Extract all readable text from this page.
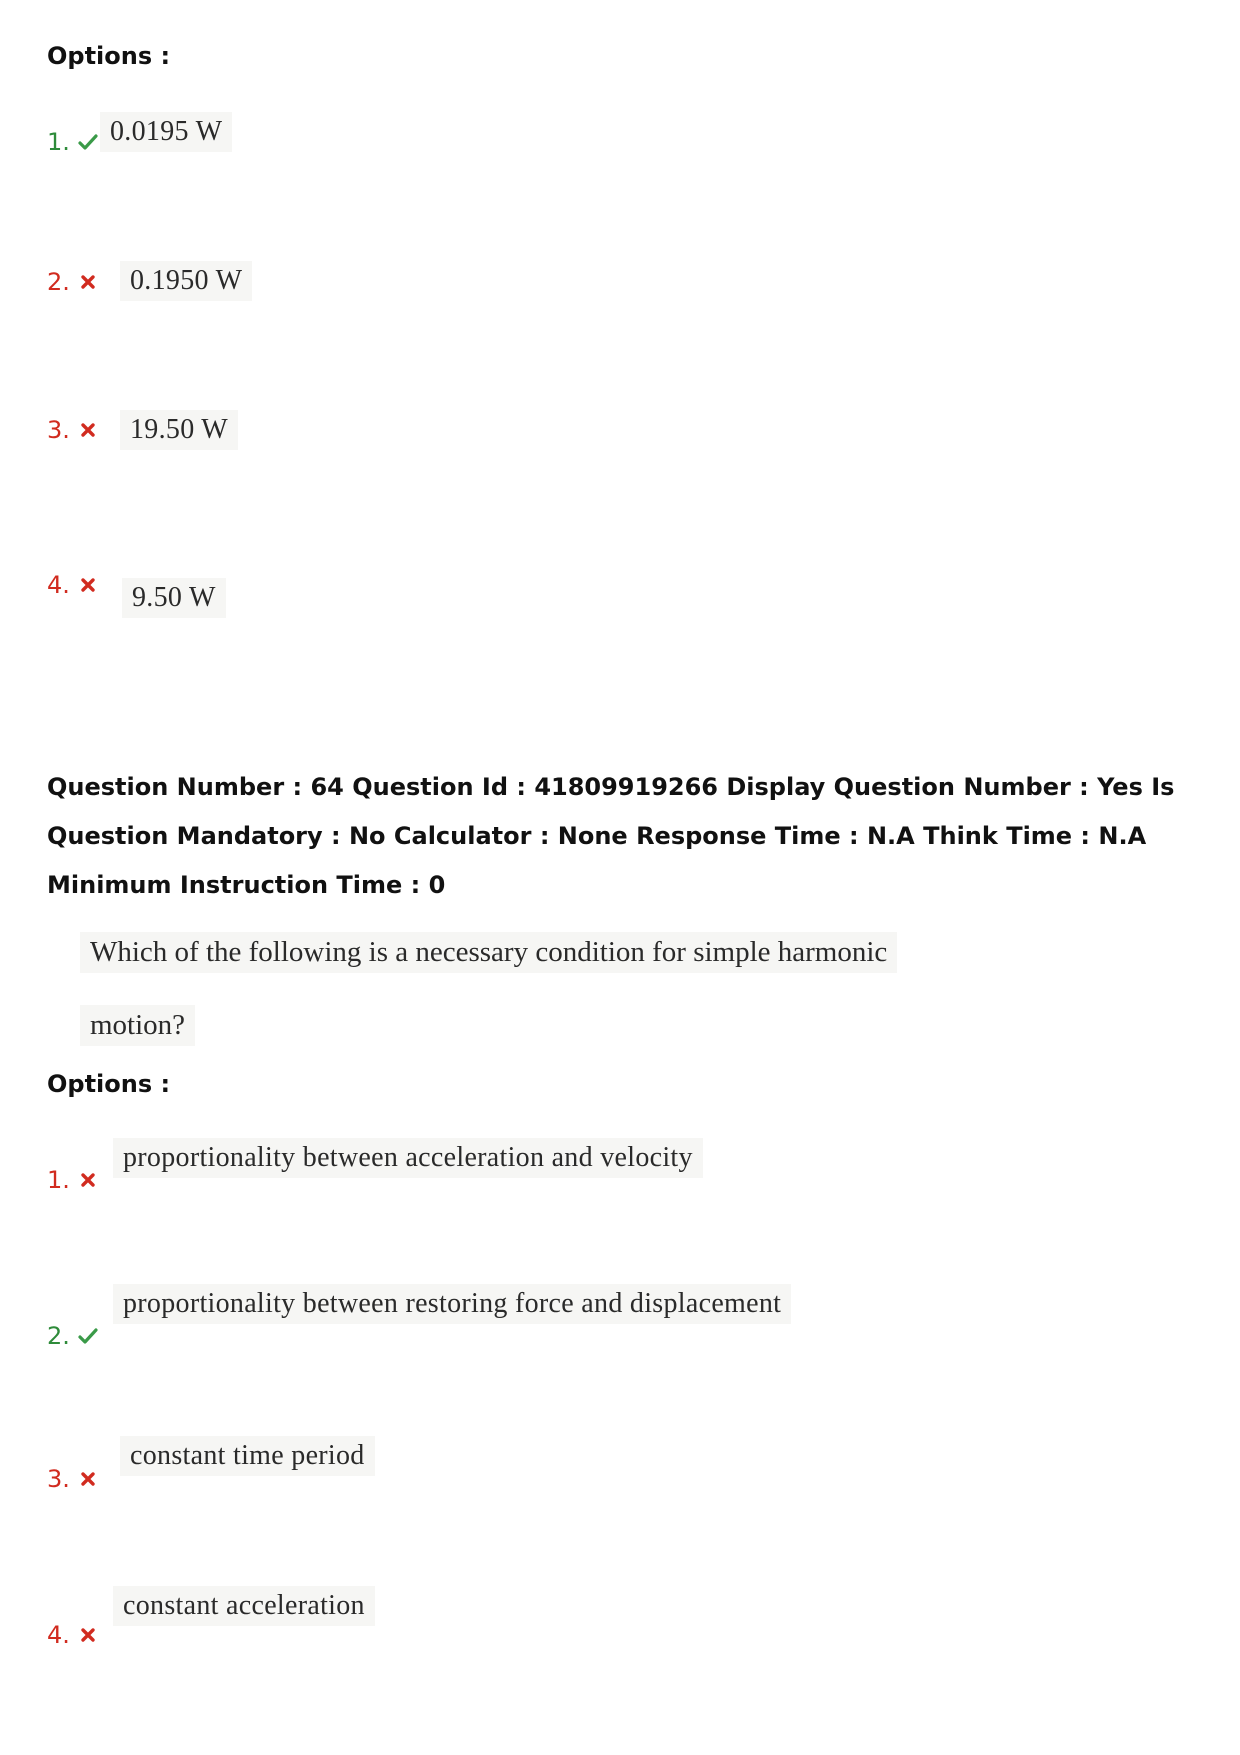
Options :
1.	0.0195 W
2.	0.1950 W
3.	19.50 W
4.	9.50 W
Question Number : 64 Question Id : 41809919266 Display Question Number : Yes Is Question Mandatory : No Calculator : None Response Time : N.A Think Time : N.A Minimum Instruction Time : 0
Which of the following is a necessary condition for simple harmonic
motion?
Options :
1.
proportionality between acceleration and velocity
2.
proportionality between restoring force and displacement
3.
constant time period
4.
constant acceleration
